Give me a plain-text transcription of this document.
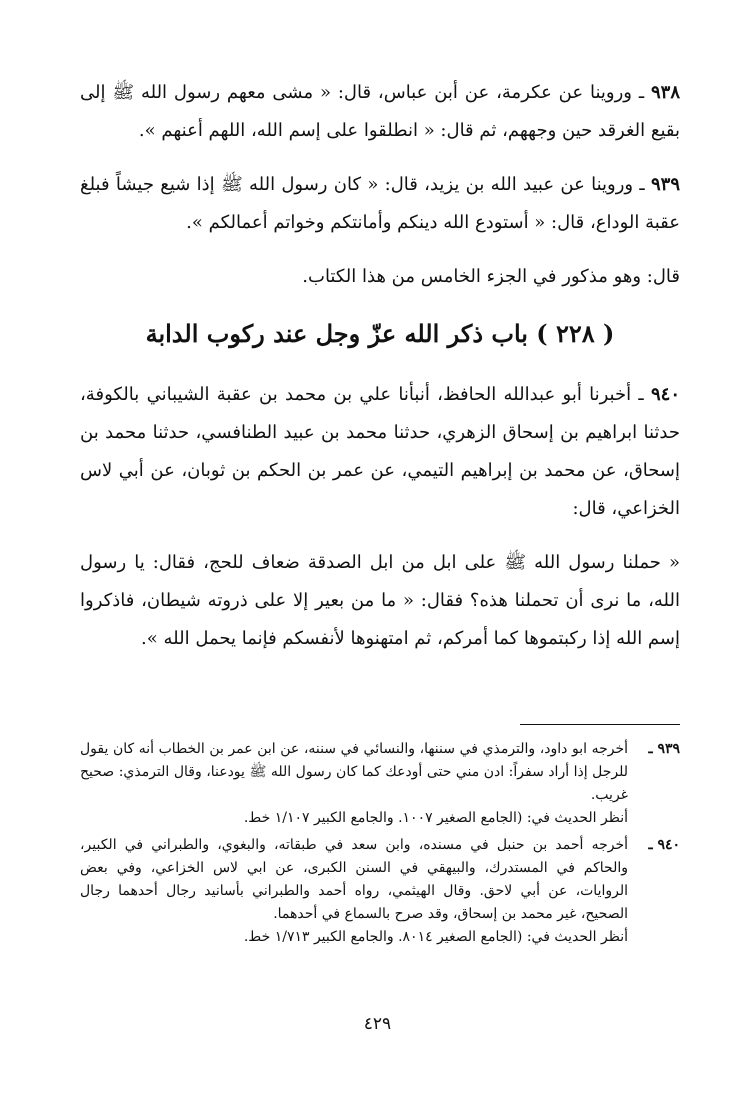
٩٣٨ ـ وروينا عن عكرمة، عن أبن عباس، قال: « مشى معهم رسول الله ﷺ إلى بقيع الغرقد حين وجههم، ثم قال: « انطلقوا على إسم الله، اللهم أعنهم ».

٩٣٩ ـ وروينا عن عبيد الله بن يزيد، قال: « كان رسول الله ﷺ إذا شيع جيشاً فبلغ عقبة الوداع، قال: « أستودع الله دينكم وأمانتكم وخواتم أعمالكم ».

قال: وهو مذكور في الجزء الخامس من هذا الكتاب.

( ٢٢٨ ) باب ذكر الله عزّ وجل عند ركوب الدابة

٩٤٠ ـ أخبرنا أبو عبدالله الحافظ، أنبأنا علي بن محمد بن عقبة الشيباني بالكوفة، حدثنا ابراهيم بن إسحاق الزهري، حدثنا محمد بن عبيد الطنافسي، حدثنا محمد بن إسحاق، عن محمد بن إبراهيم التيمي، عن عمر بن الحكم بن ثوبان، عن أبي لاس الخزاعي، قال:

« حملنا رسول الله ﷺ على ابل من ابل الصدقة ضعاف للحج، فقال: يا رسول الله، ما نرى أن تحملنا هذه؟ فقال: « ما من بعير إلا على ذروته شيطان، فاذكروا إسم الله إذا ركبتموها كما أمركم، ثم امتهنوها لأنفسكم فإنما يحمل الله ».

٩٣٩ ـ

أخرجه ابو داود، والترمذي في سننها، والنسائي في سننه، عن ابن عمر بن الخطاب أنه كان يقول للرجل إذا أراد سفراً: ادن مني حتى أودعك كما كان رسول الله ﷺ يودعنا، وقال الترمذي: صحيح غريب.

أنظر الحديث في: (الجامع الصغير ١٠٠٧. والجامع الكبير ١/١٠٧ خط.

٩٤٠ ـ

أخرجه أحمد بن حنبل في مسنده، وابن سعد في طبقاته، والبغوي، والطبراني في الكبير، والحاكم في المستدرك، والبيهقي في السنن الكبرى، عن ابي لاس الخزاعي، وفي بعض الروايات، عن أبي لاحق. وقال الهيثمي، رواه أحمد والطبراني بأسانيد رجال أحدهما رجال الصحيح، غير محمد بن إسحاق، وقد صرح بالسماع في أحدهما.

أنظر الحديث في: (الجامع الصغير ٨٠١٤. والجامع الكبير ١/٧١٣ خط.

٤٢٩
